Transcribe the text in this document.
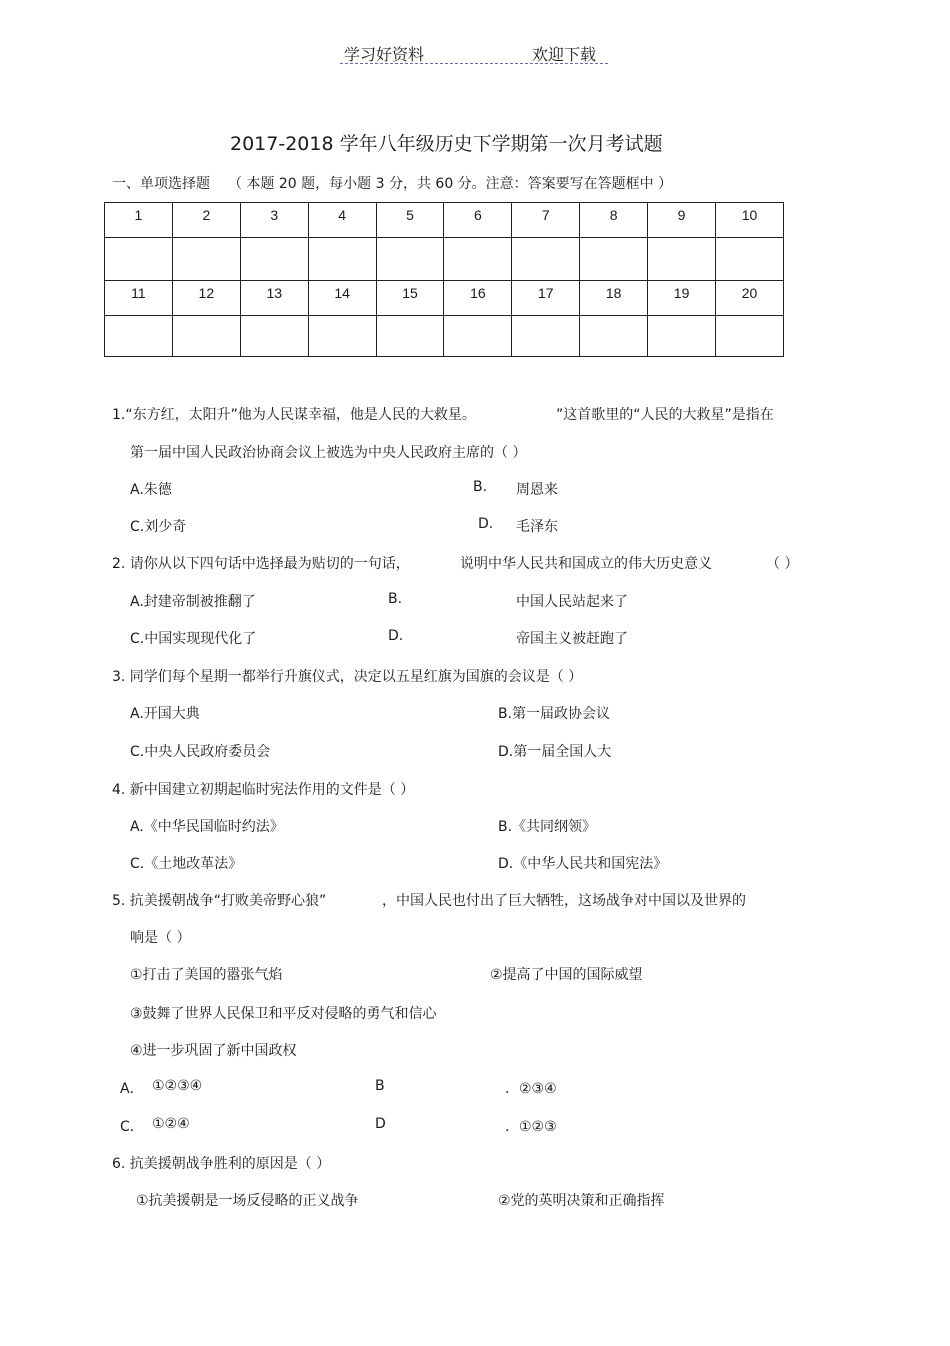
学习好资料	欢迎下载
2017-2018 学年八年级历史下学期第一次月考试题
一、单项选择题 （ 本题 20 题，每小题 3 分，共 60 分。注意：答案要写在答题框中 ）
1	2	3	4	5	6	7	8	9	10

11	12	13	14	15	16	17	18	19	20

1.“东方红，太阳升”他为人民谋幸福，他是人民的大救星。	”这首歌里的“人民的大救星”是指在
第一届中国人民政治协商会议上被选为中央人民政府主席的（ ）
A.朱德	B. 周恩来
C.刘少奇	D. 毛泽东
2. 请你从以下四句话中选择最为贴切的一句话，	说明中华人民共和国成立的伟大历史意义	（ ）
A.封建帝制被推翻了	B.	中国人民站起来了
C.中国实现现代化了	D.	帝国主义被赶跑了
3. 同学们每个星期一都举行升旗仪式，决定以五星红旗为国旗的会议是（ ）
A.开国大典	B.第一届政协会议
C.中央人民政府委员会	D.第一届全国人大
4. 新中国建立初期起临时宪法作用的文件是（ ）
A.《中华民国临时约法》	B.《共同纲领》
C.《土地改革法》	D.《中华人民共和国宪法》
5. 抗美援朝战争“打败美帝野心狼”	，中国人民也付出了巨大牺牲，这场战争对中国以及世界的
响是（ ）
①打击了美国的嚣张气焰	②提高了中国的国际威望
③鼓舞了世界人民保卫和平反对侵略的勇气和信心
④进一步巩固了新中国政权
A． ①②③④	B	．②③④
C． ①②④	D	．①②③
6. 抗美援朝战争胜利的原因是（ ）
①抗美援朝是一场反侵略的正义战争	②党的英明决策和正确指挥
